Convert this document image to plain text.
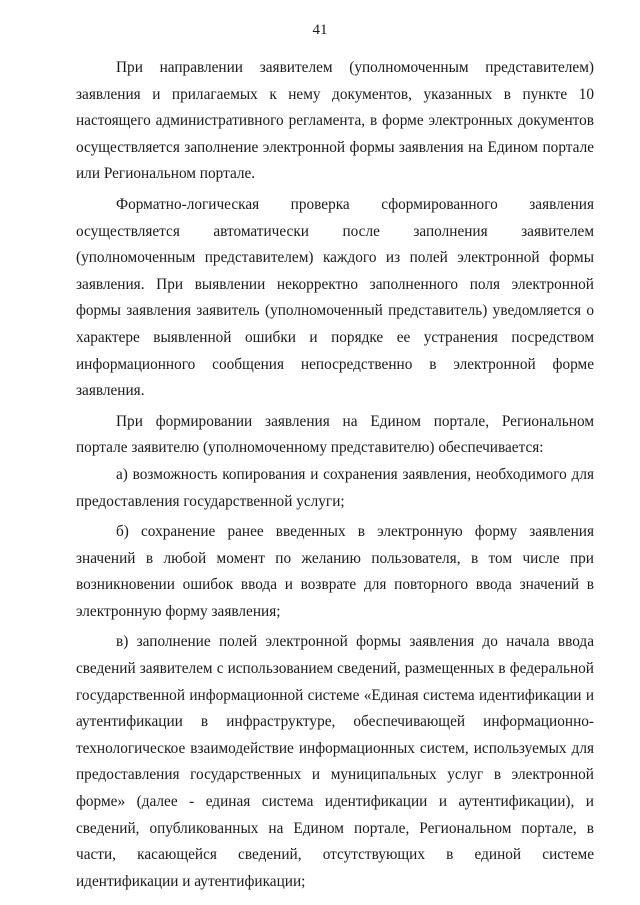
41

При направлении заявителем (уполномоченным представителем) заявления и прилагаемых к нему документов, указанных в пункте 10 настоящего административного регламента, в форме электронных документов осуществляется заполнение электронной формы заявления на Едином портале или Региональном портале.

Форматно-логическая проверка сформированного заявления осуществляется автоматически после заполнения заявителем (уполномоченным представителем) каждого из полей электронной формы заявления. При выявлении некорректно заполненного поля электронной формы заявления заявитель (уполномоченный представитель) уведомляется о характере выявленной ошибки и порядке ее устранения посредством информационного сообщения непосредственно в электронной форме заявления.

При формировании заявления на Едином портале, Региональном портале заявителю (уполномоченному представителю) обеспечивается:

а) возможность копирования и сохранения заявления, необходимого для предоставления государственной услуги;

б) сохранение ранее введенных в электронную форму заявления значений в любой момент по желанию пользователя, в том числе при возникновении ошибок ввода и возврате для повторного ввода значений в электронную форму заявления;

в) заполнение полей электронной формы заявления до начала ввода сведений заявителем с использованием сведений, размещенных в федеральной государственной информационной системе «Единая система идентификации и аутентификации в инфраструктуре, обеспечивающей информационно-технологическое взаимодействие информационных систем, используемых для предоставления государственных и муниципальных услуг в электронной форме» (далее - единая система идентификации и аутентификации), и сведений, опубликованных на Едином портале, Региональном портале, в части, касающейся сведений, отсутствующих в единой системе идентификации и аутентификации;
